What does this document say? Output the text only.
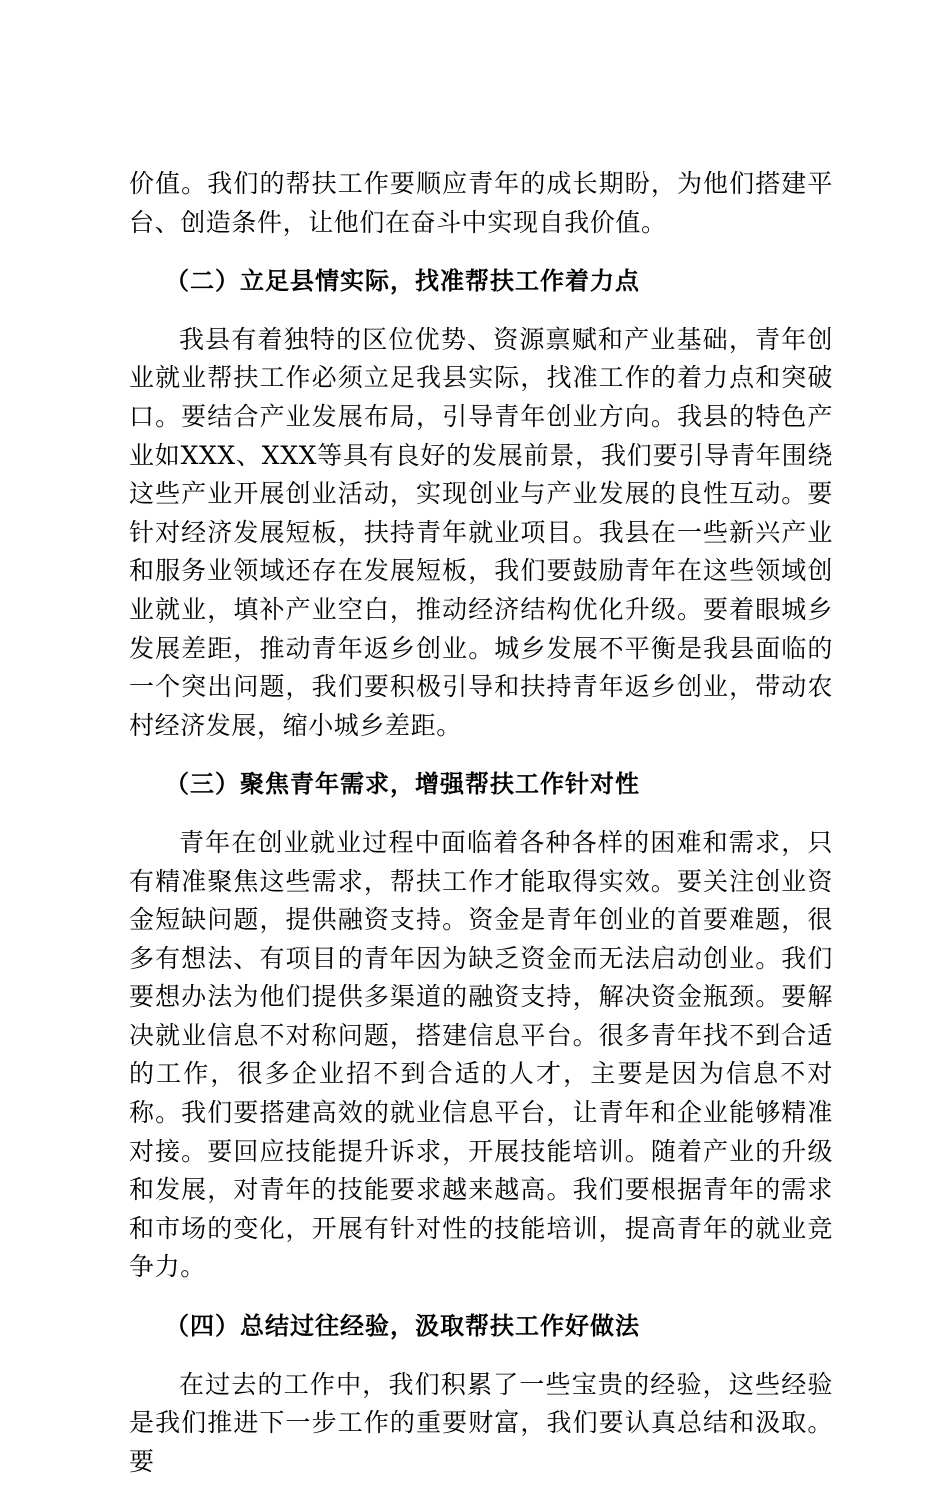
价值。我们的帮扶工作要顺应青年的成长期盼，为他们搭建平台、创造条件，让他们在奋斗中实现自我价值。

（二）立足县情实际，找准帮扶工作着力点

我县有着独特的区位优势、资源禀赋和产业基础，青年创业就业帮扶工作必须立足我县实际，找准工作的着力点和突破口。要结合产业发展布局，引导青年创业方向。我县的特色产业如XXX、XXX等具有良好的发展前景，我们要引导青年围绕这些产业开展创业活动，实现创业与产业发展的良性互动。要针对经济发展短板，扶持青年就业项目。我县在一些新兴产业和服务业领域还存在发展短板，我们要鼓励青年在这些领域创业就业，填补产业空白，推动经济结构优化升级。要着眼城乡发展差距，推动青年返乡创业。城乡发展不平衡是我县面临的一个突出问题，我们要积极引导和扶持青年返乡创业，带动农村经济发展，缩小城乡差距。

（三）聚焦青年需求，增强帮扶工作针对性

青年在创业就业过程中面临着各种各样的困难和需求，只有精准聚焦这些需求，帮扶工作才能取得实效。要关注创业资金短缺问题，提供融资支持。资金是青年创业的首要难题，很多有想法、有项目的青年因为缺乏资金而无法启动创业。我们要想办法为他们提供多渠道的融资支持，解决资金瓶颈。要解决就业信息不对称问题，搭建信息平台。很多青年找不到合适的工作，很多企业招不到合适的人才，主要是因为信息不对称。我们要搭建高效的就业信息平台，让青年和企业能够精准对接。要回应技能提升诉求，开展技能培训。随着产业的升级和发展，对青年的技能要求越来越高。我们要根据青年的需求和市场的变化，开展有针对性的技能培训，提高青年的就业竞争力。

（四）总结过往经验，汲取帮扶工作好做法

在过去的工作中，我们积累了一些宝贵的经验，这些经验是我们推进下一步工作的重要财富，我们要认真总结和汲取。要
